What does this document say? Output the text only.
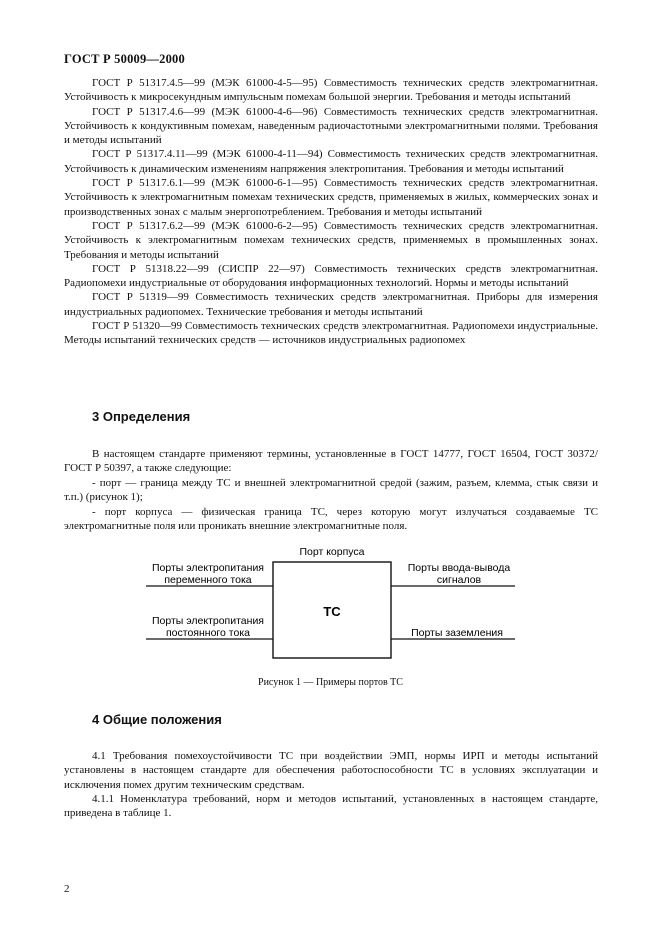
ГОСТ Р 50009—2000

ГОСТ Р 51317.4.5—99 (МЭК 61000-4-5—95) Совместимость технических средств электромагнитная. Устойчивость к микросекундным импульсным помехам большой энергии. Требования и методы испытаний

ГОСТ Р 51317.4.6—99 (МЭК 61000-4-6—96) Совместимость технических средств электромагнитная. Устойчивость к кондуктивным помехам, наведенным радиочастотными электромагнитными полями. Требования и методы испытаний

ГОСТ Р 51317.4.11—99 (МЭК 61000-4-11—94) Совместимость технических средств электромагнитная. Устойчивость к динамическим изменениям напряжения электропитания. Требования и методы испытаний

ГОСТ Р 51317.6.1—99 (МЭК 61000-6-1—95) Совместимость технических средств электромагнитная. Устойчивость к электромагнитным помехам технических средств, применяемых в жилых, коммерческих зонах и производственных зонах с малым энергопотреблением. Требования и методы испытаний

ГОСТ Р 51317.6.2—99 (МЭК 61000-6-2—95) Совместимость технических средств электромагнитная. Устойчивость к электромагнитным помехам технических средств, применяемых в промышленных зонах. Требования и методы испытаний

ГОСТ Р 51318.22—99 (СИСПР 22—97) Совместимость технических средств электромагнитная. Радиопомехи индустриальные от оборудования информационных технологий. Нормы и методы испытаний

ГОСТ Р 51319—99 Совместимость технических средств электромагнитная. Приборы для измерения индустриальных радиопомех. Технические требования и методы испытаний

ГОСТ Р 51320—99 Совместимость технических средств электромагнитная. Радиопомехи индустриальные. Методы испытаний технических средств — источников индустриальных радиопомех

3 Определения

В настоящем стандарте применяют термины, установленные в ГОСТ 14777, ГОСТ 16504, ГОСТ 30372/ГОСТ Р 50397, а также следующие:

- порт — граница между ТС и внешней электромагнитной средой (зажим, разъем, клемма, стык связи и т.п.) (рисунок 1);

- порт корпуса — физическая граница ТС, через которую могут излучаться создаваемые ТС электромагнитные поля или проникать внешние электромагнитные поля.

Порт корпуса
Порты электропитания
переменного тока
Порты электропитания
постоянного тока
Порты ввода-вывода
сигналов
Порты заземления
ТС
Рисунок 1 — Примеры портов ТС
4 Общие положения

4.1 Требования помехоустойчивости ТС при воздействии ЭМП, нормы ИРП и методы испытаний установлены в настоящем стандарте для обеспечения работоспособности ТС в условиях эксплуатации и исключения помех другим техническим средствам.

4.1.1 Номенклатура требований, норм и методов испытаний, установленных в настоящем стандарте, приведена в таблице 1.

2
